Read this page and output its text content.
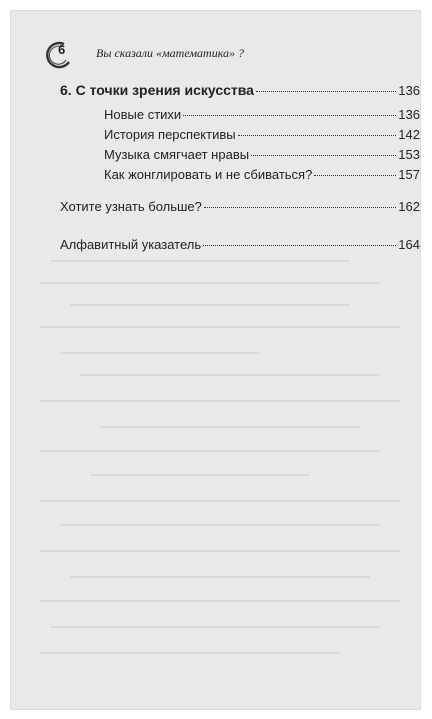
6	Вы сказали «математика» ?
6. С точки зрения искусства	136
Новые стихи	136
История перспективы	142
Музыка смягчает нравы	153
Как жонглировать и не сбиваться?	157
Хотите узнать больше?	162
Алфавитный указатель	164
